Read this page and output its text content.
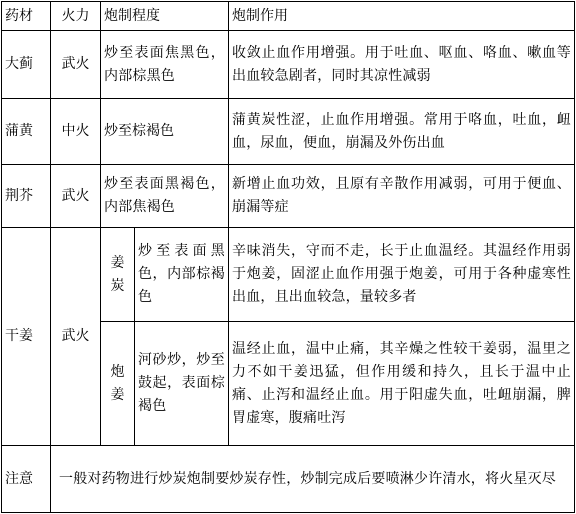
药材	火力	炮制程度		炮制作用
大蓟	武火	炒至表面焦黑色，内部棕黑色		收敛止血作用增强。用于吐血、呕血、咯血、嗽血等出血较急剧者，同时其凉性减弱
蒲黄	中火	炒至棕褐色		蒲黄炭性涩，止血作用增强。常用于咯血，吐血，衄血，尿血，便血，崩漏及外伤出血
荆芥	武火	炒至表面黑褐色，内部焦褐色		新增止血功效，且原有辛散作用减弱，可用于便血、崩漏等症
干姜	武火	姜炭	炒至表面黑色，内部棕褐色	辛味消失，守而不走，长于止血温经。其温经作用弱于炮姜，固涩止血作用强于炮姜，可用于各种虚寒性出血，且出血较急，量较多者
		炮姜	河砂炒，炒至鼓起，表面棕褐色	温经止血，温中止痛，其辛燥之性较干姜弱，温里之力不如干姜迅猛，但作用缓和持久，且长于温中止痛、止泻和温经止血。用于阳虚失血，吐衄崩漏，脾胃虚寒，腹痛吐泻
注意	一般对药物进行炒炭炮制要炒炭存性，炒制完成后要喷淋少许清水，将火星灭尽			
